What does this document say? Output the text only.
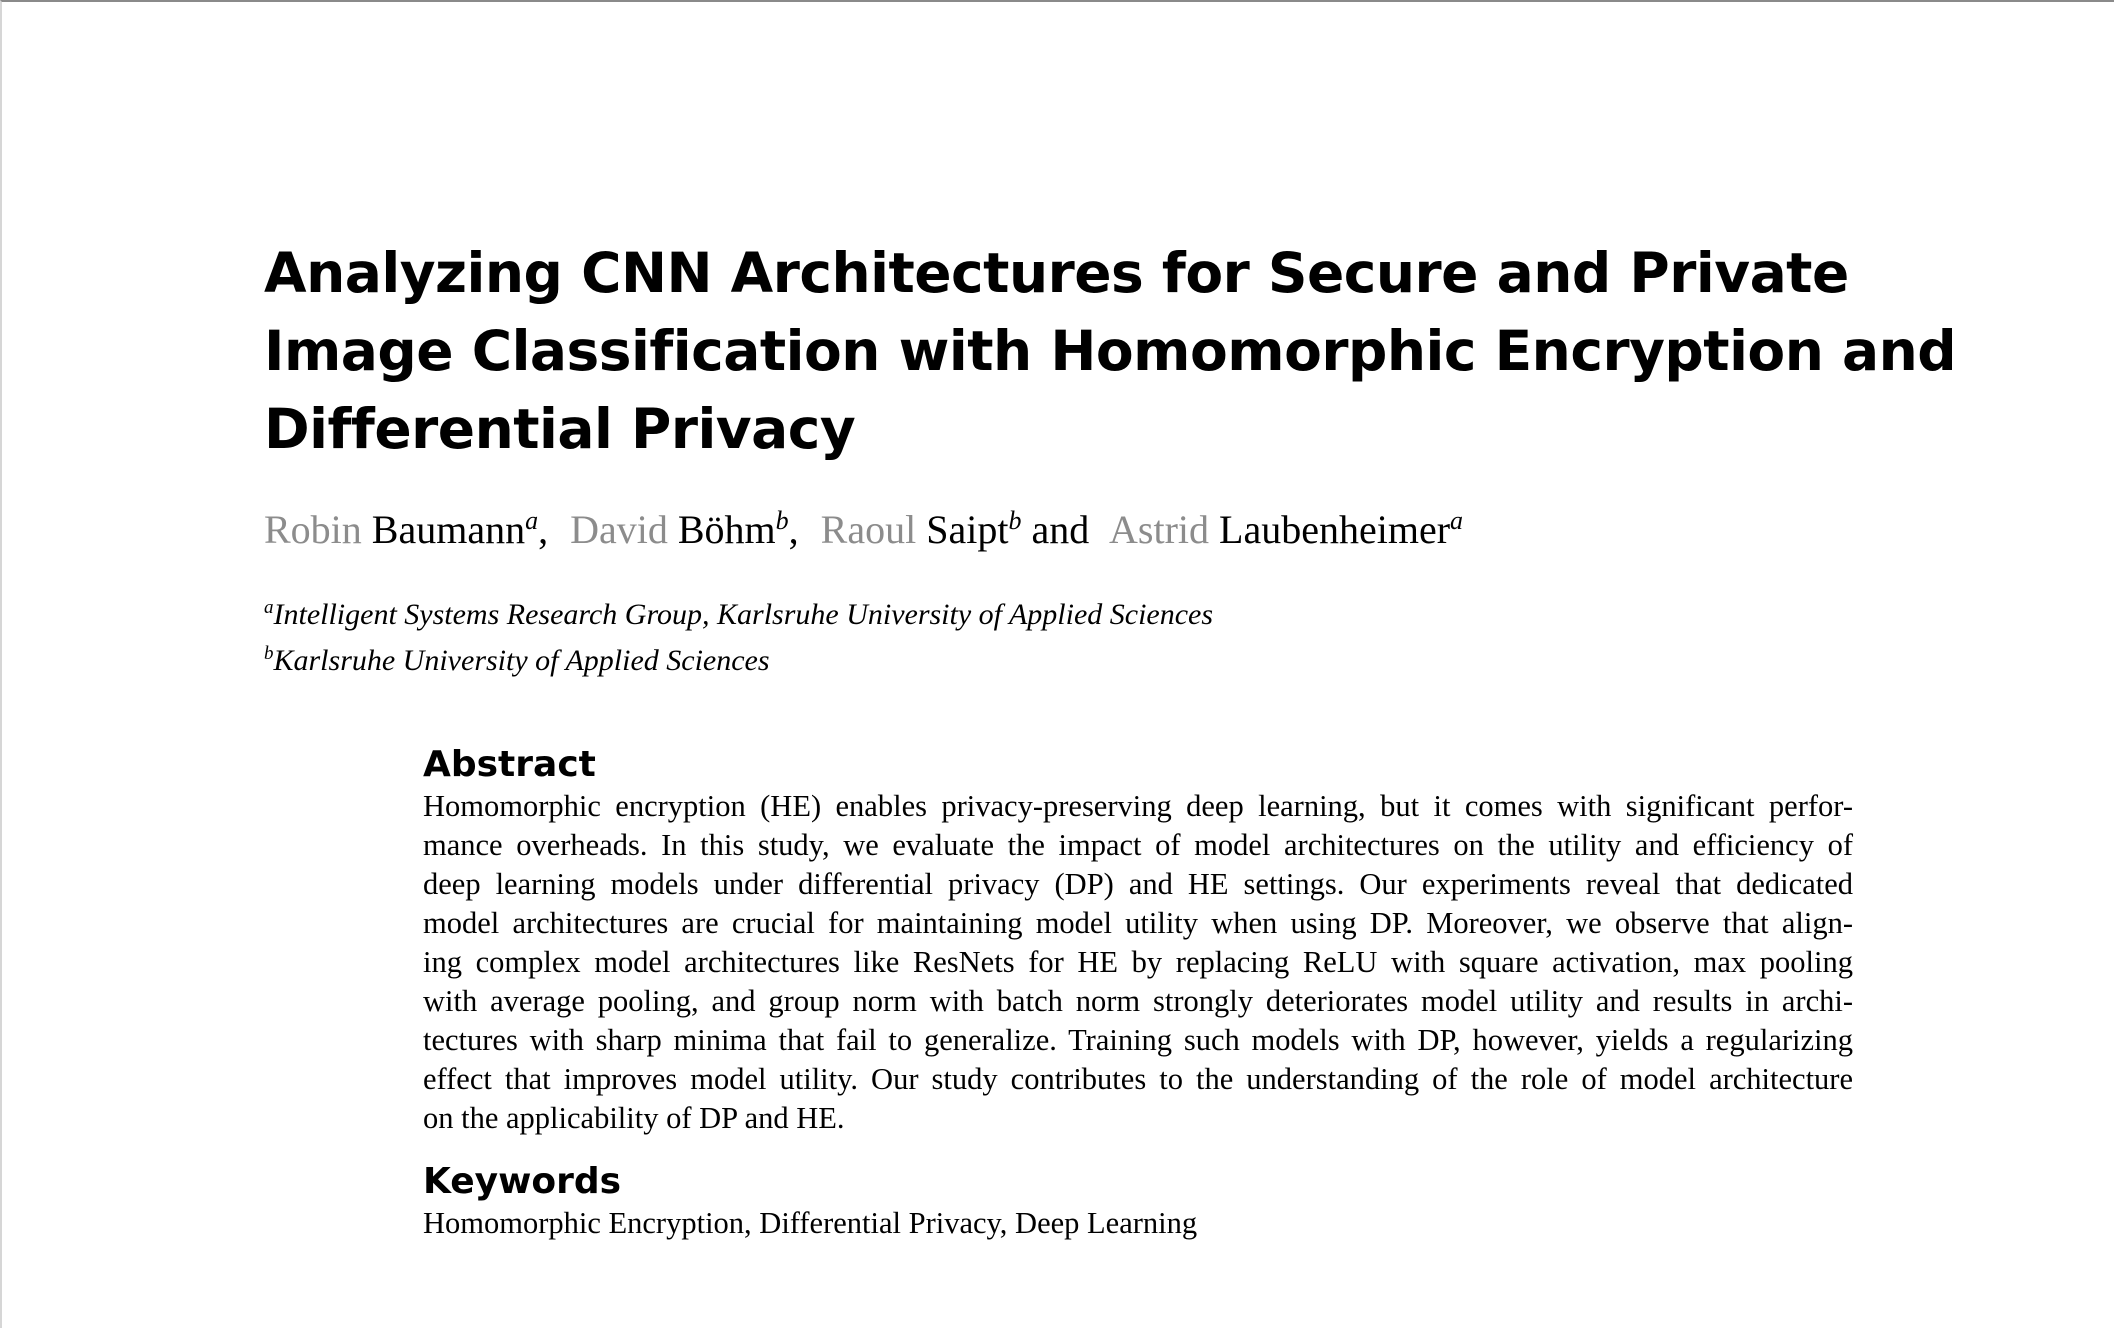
Analyzing CNN Architectures for Secure and Private
Image Classification with Homomorphic Encryption and
Differential Privacy
Robin Baumann$^a$, David Böhm$^b$, Raoul Saipt$^b$ and Astrid Laubenheimer$^a$
$^a$Intelligent Systems Research Group, Karlsruhe University of Applied Sciences
$^b$Karlsruhe University of Applied Sciences
Abstract
Homomorphic encryption (HE) enables privacy-preserving deep learning, but it comes with significant perfor-
mance overheads. In this study, we evaluate the impact of model architectures on the utility and efficiency of
deep learning models under differential privacy (DP) and HE settings. Our experiments reveal that dedicated
model architectures are crucial for maintaining model utility when using DP. Moreover, we observe that align-
ing complex model architectures like ResNets for HE by replacing ReLU with square activation, max pooling
with average pooling, and group norm with batch norm strongly deteriorates model utility and results in archi-
tectures with sharp minima that fail to generalize. Training such models with DP, however, yields a regularizing
effect that improves model utility. Our study contributes to the understanding of the role of model architecture
on the applicability of DP and HE.
Keywords
Homomorphic Encryption, Differential Privacy, Deep Learning
